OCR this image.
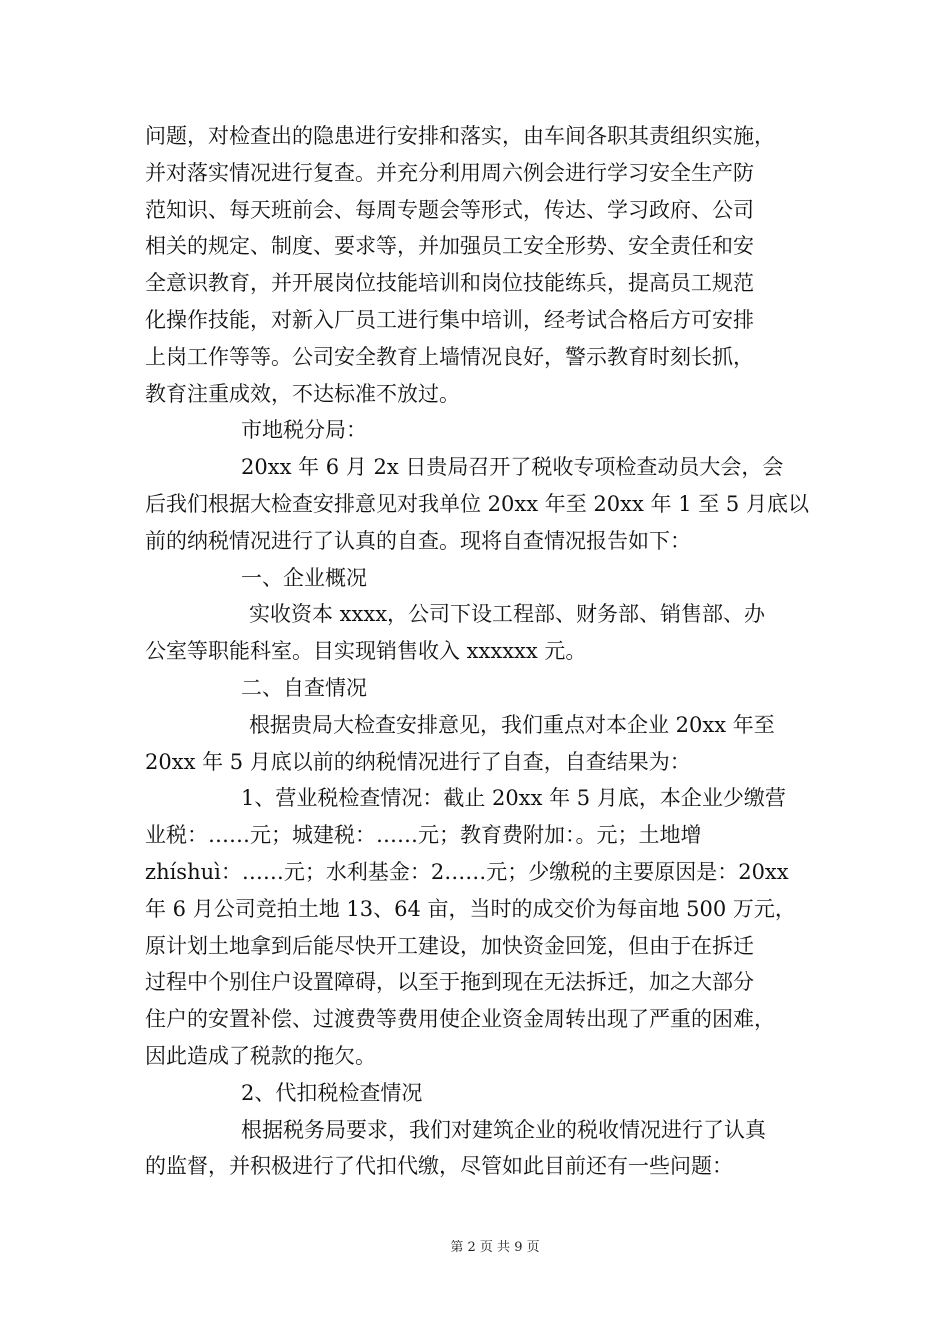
问题，对检查出的隐患进行安排和落实，由车间各职其责组织实施，
并对落实情况进行复查。并充分利用周六例会进行学习安全生产防
范知识、每天班前会、每周专题会等形式，传达、学习政府、公司
相关的规定、制度、要求等，并加强员工安全形势、安全责任和安
全意识教育，并开展岗位技能培训和岗位技能练兵，提高员工规范
化操作技能，对新入厂员工进行集中培训，经考试合格后方可安排
上岗工作等等。公司安全教育上墙情况良好，警示教育时刻长抓，
教育注重成效，不达标准不放过。
市地税分局：
20xx 年 6 月 2x 日贵局召开了税收专项检查动员大会，会
后我们根据大检查安排意见对我单位 20xx 年至 20xx 年 1 至 5 月底以
前的纳税情况进行了认真的自查。现将自查情况报告如下：
一、企业概况
实收资本 xxxx，公司下设工程部、财务部、销售部、办
公室等职能科室。目实现销售收入 xxxxxx 元。
二、自查情况
根据贵局大检查安排意见，我们重点对本企业 20xx 年至
20xx 年 5 月底以前的纳税情况进行了自查，自查结果为：
1、营业税检查情况：截止 20xx 年 5 月底，本企业少缴营
业税：……元；城建税：……元；教育费附加：。元；土地增
zhíshuì：……元；水利基金：2……元；少缴税的主要原因是：20xx
年 6 月公司竞拍土地 13、64 亩，当时的成交价为每亩地 500 万元，
原计划土地拿到后能尽快开工建设，加快资金回笼，但由于在拆迁
过程中个别住户设置障碍，以至于拖到现在无法拆迁，加之大部分
住户的安置补偿、过渡费等费用使企业资金周转出现了严重的困难，
因此造成了税款的拖欠。
2、代扣税检查情况
根据税务局要求，我们对建筑企业的税收情况进行了认真
的监督，并积极进行了代扣代缴，尽管如此目前还有一些问题：
第 2 页 共 9 页
